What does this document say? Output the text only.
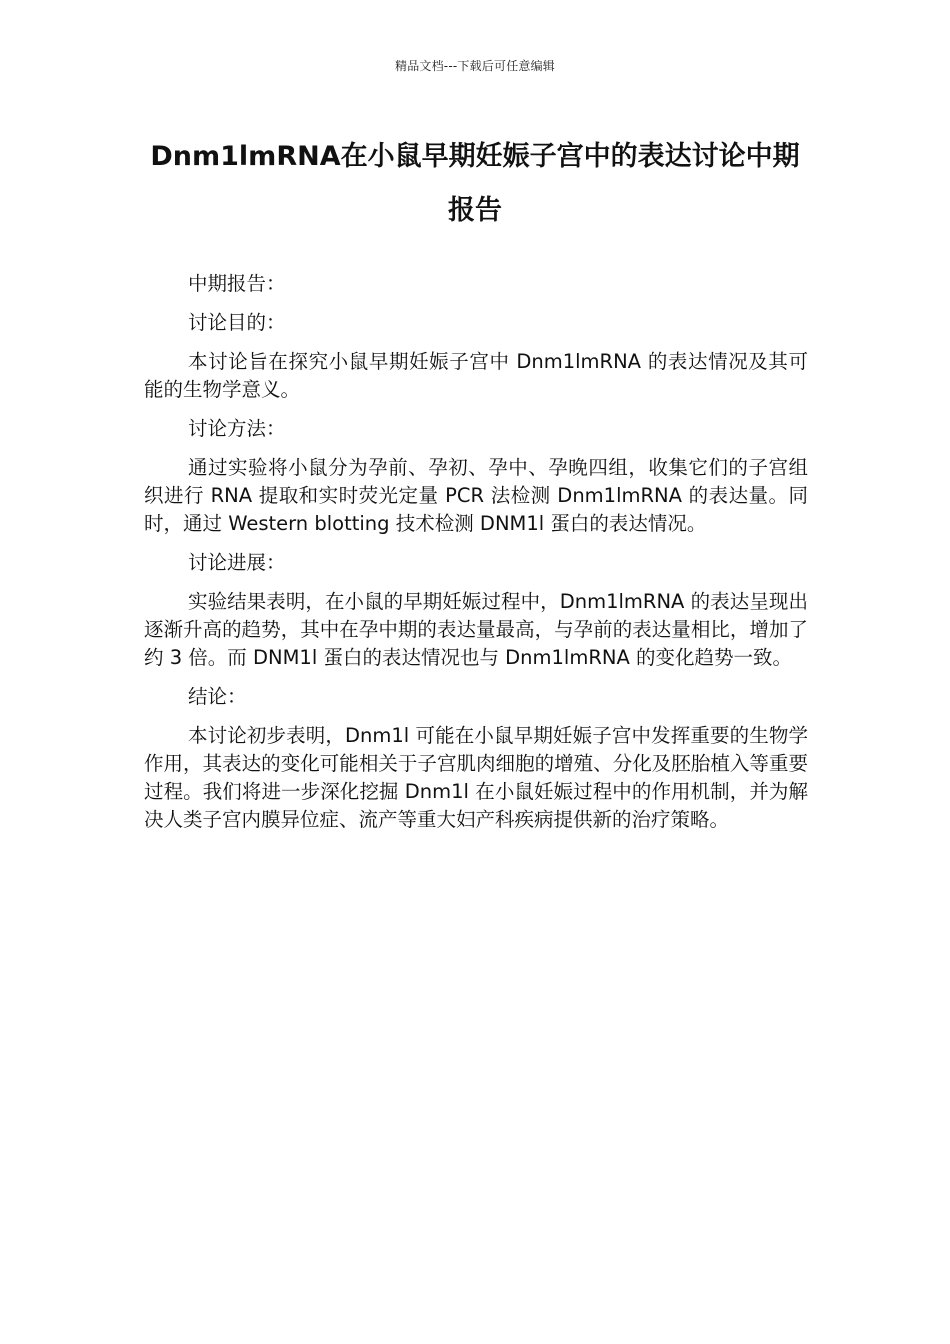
精品文档---下载后可任意编辑
Dnm1lmRNA在小鼠早期妊娠子宫中的表达讨论中期报告

中期报告：

讨论目的：

本讨论旨在探究小鼠早期妊娠子宫中 Dnm1lmRNA 的表达情况及其可能的生物学意义。

讨论方法：

通过实验将小鼠分为孕前、孕初、孕中、孕晚四组，收集它们的子宫组织进行 RNA 提取和实时荧光定量 PCR 法检测 Dnm1lmRNA 的表达量。同时，通过 Western blotting 技术检测 DNM1l 蛋白的表达情况。

讨论进展：

实验结果表明，在小鼠的早期妊娠过程中，Dnm1lmRNA 的表达呈现出逐渐升高的趋势，其中在孕中期的表达量最高，与孕前的表达量相比，增加了约 3 倍。而 DNM1l 蛋白的表达情况也与 Dnm1lmRNA 的变化趋势一致。

结论：

本讨论初步表明，Dnm1l 可能在小鼠早期妊娠子宫中发挥重要的生物学作用，其表达的变化可能相关于子宫肌肉细胞的增殖、分化及胚胎植入等重要过程。我们将进一步深化挖掘 Dnm1l 在小鼠妊娠过程中的作用机制，并为解决人类子宫内膜异位症、流产等重大妇产科疾病提供新的治疗策略。
